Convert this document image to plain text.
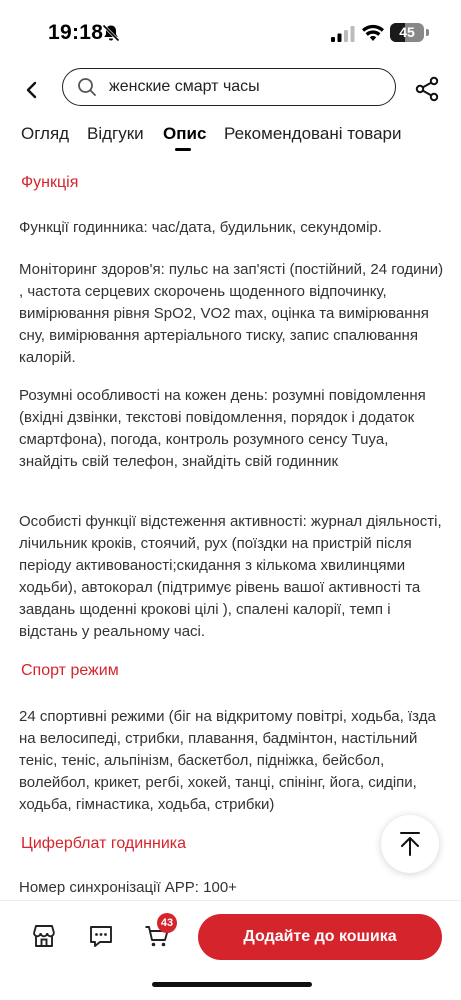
19:18	45
женские смарт часы
Огляд Відгуки Опис Рекомендовані товари
Функція

Функції годинника: час/дата, будильник, секундомір.

Моніторинг здоров'я: пульс на зап'ясті (постійний, 24 години) , частота серцевих скорочень щоденного відпочинку, вимірювання рівня SpO2, VO2 max, оцінка та вимірювання сну, вимірювання артеріального тиску, запис спалювання калорій.

Розумні особливості на кожен день: розумні повідомлення (вхідні дзвінки, текстові повідомлення, порядок і додаток смартфона), погода, контроль розумного сенсу Tuya, знайдіть свій телефон, знайдіть свій годинник

Особисті функції відстеження активності: журнал діяльності, лічильник кроків, стоячий, рух (поїздки на пристрій після періоду активованості;скидання з кількома хвилинцями ходьби), автокорал (підтримує рівень вашої активності та завдань щоденні крокові цілі ), спалені калорії, темп і відстань у реальному часі.

Спорт режим

24 спортивні режими (біг на відкритому повітрі, ходьба, їзда на велосипеді, стрибки, плавання, бадмінтон, настільний теніс, теніс, альпінізм, баскетбол, підніжка, бейсбол, волейбол, крикет, регбі, хокей, танці, спінінг, йога, сидіпи, ходьба, гімнастика, ходьба, стрибки)

Циферблат годинника

Номер синхронізації APP: 100+

43
Додайте до кошика
